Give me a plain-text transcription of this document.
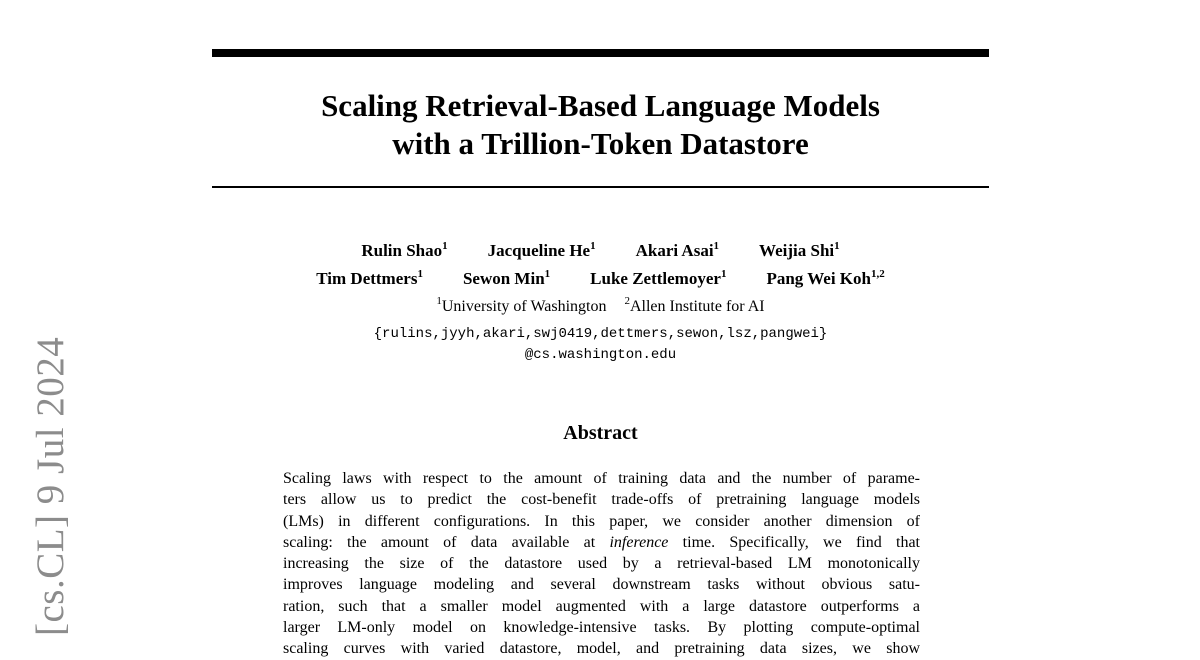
Scaling Retrieval-Based Language Models
with a Trillion-Token Datastore
Rulin Shao$^1$ Jacqueline He$^1$ Akari Asai$^1$ Weijia Shi$^1$
Tim Dettmers$^1$ Sewon Min$^1$ Luke Zettlemoyer$^1$ Pang Wei Koh$^{1,2}$
$^1$University of Washington $^2$Allen Institute for AI
{rulins,jyyh,akari,swj0419,dettmers,sewon,lsz,pangwei}
@cs.washington.edu
Abstract
Scaling laws with respect to the amount of training data and the number of parame-
ters allow us to predict the cost-benefit trade-offs of pretraining language models
(LMs) in different configurations. In this paper, we consider another dimension of
scaling: the amount of data available at inference time. Specifically, we find that
increasing the size of the datastore used by a retrieval-based LM monotonically
improves language modeling and several downstream tasks without obvious satu-
ration, such that a smaller model augmented with a large datastore outperforms a
larger LM-only model on knowledge-intensive tasks. By plotting compute-optimal
scaling curves with varied datastore, model, and pretraining data sizes, we show
[cs.CL] 9 Jul 2024
